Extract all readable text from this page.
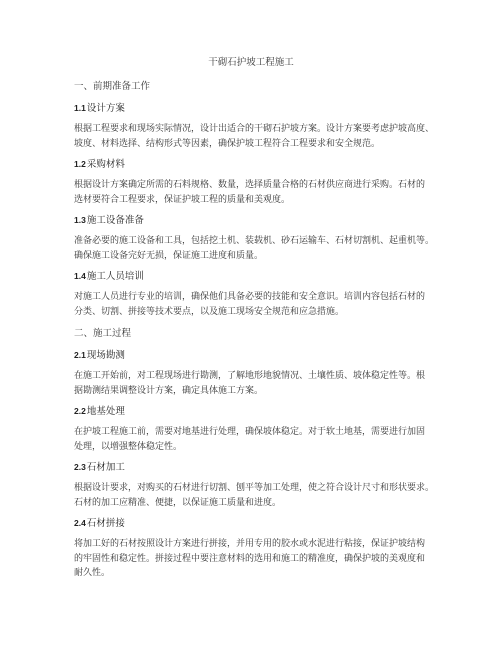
干砌石护坡工程施工
一、前期准备工作
1.1设计方案
根据工程要求和现场实际情况，设计出适合的干砌石护坡方案。设计方案要考虑护坡高度、
坡度、材料选择、结构形式等因素，确保护坡工程符合工程要求和安全规范。
1.2采购材料
根据设计方案确定所需的石料规格、数量，选择质量合格的石材供应商进行采购。石材的
选材要符合工程要求，保证护坡工程的质量和美观度。
1.3施工设备准备
准备必要的施工设备和工具，包括挖土机、装载机、砂石运输车、石材切割机、起重机等。
确保施工设备完好无损，保证施工进度和质量。
1.4施工人员培训
对施工人员进行专业的培训，确保他们具备必要的技能和安全意识。培训内容包括石材的
分类、切割、拼接等技术要点，以及施工现场安全规范和应急措施。
二、施工过程
2.1现场勘测
在施工开始前，对工程现场进行勘测，了解地形地貌情况、土壤性质、坡体稳定性等。根
据勘测结果调整设计方案，确定具体施工方案。
2.2地基处理
在护坡工程施工前，需要对地基进行处理，确保坡体稳定。对于软土地基，需要进行加固
处理，以增强整体稳定性。
2.3石材加工
根据设计要求，对购买的石材进行切割、刨平等加工处理，使之符合设计尺寸和形状要求。
石材的加工应精准、便捷，以保证施工质量和进度。
2.4石材拼接
将加工好的石材按照设计方案进行拼接，并用专用的胶水或水泥进行粘接，保证护坡结构
的牢固性和稳定性。拼接过程中要注意材料的选用和施工的精准度，确保护坡的美观度和
耐久性。
